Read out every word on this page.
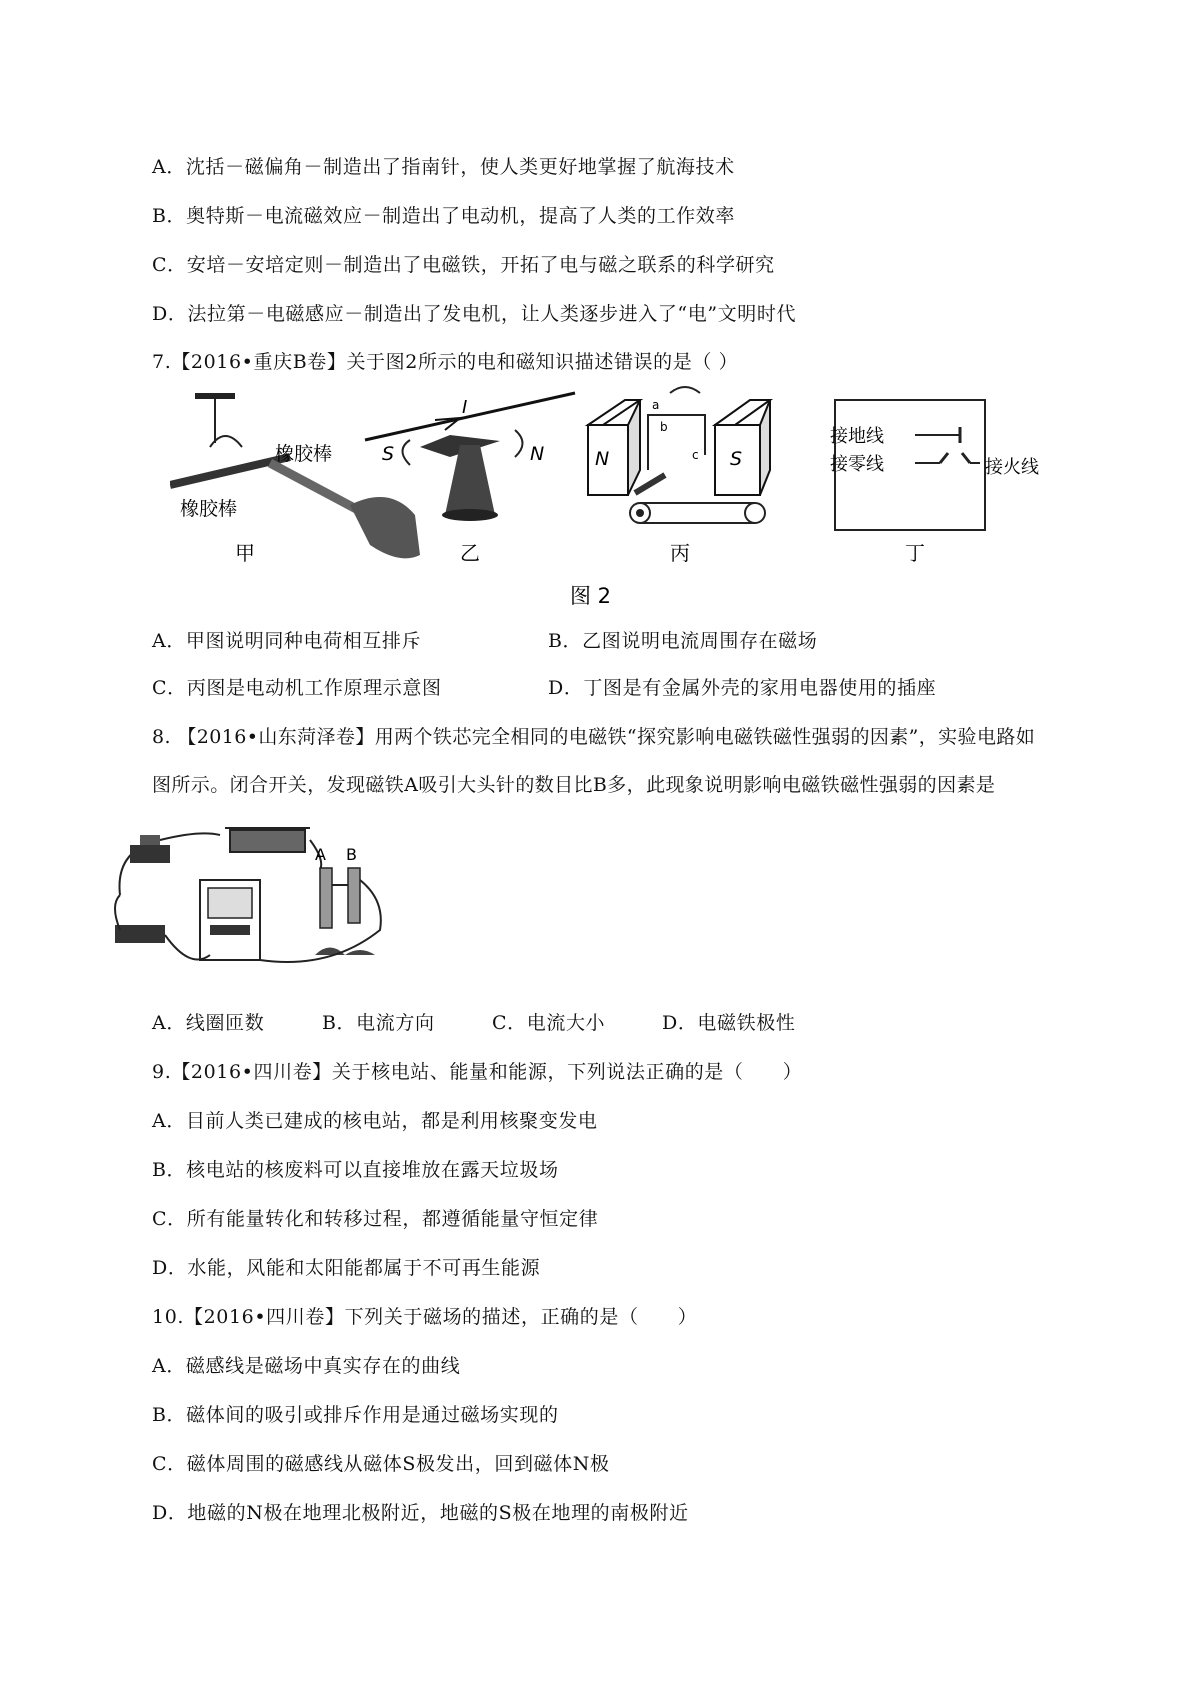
A．沈括－磁偏角－制造出了指南针，使人类更好地掌握了航海技术
B．奥特斯－电流磁效应－制造出了电动机，提高了人类的工作效率
C．安培－安培定则－制造出了电磁铁，开拓了电与磁之联系的科学研究
D．法拉第－电磁感应－制造出了发电机，让人类逐步进入了“电”文明时代
7.【2016•重庆B卷】关于图2所示的电和磁知识描述错误的是（ ）
橡胶棒
橡胶棒
甲
I
S	N
乙
N	S
a
b
c
丙
接地线
接零线	接火线
丁
图 2
A．甲图说明同种电荷相互排斥	B．乙图说明电流周围存在磁场
C．丙图是电动机工作原理示意图	D．丁图是有金属外壳的家用电器使用的插座
8. 【2016•山东菏泽卷】用两个铁芯完全相同的电磁铁“探究影响电磁铁磁性强弱的因素”，实验电路如
图所示。闭合开关，发现磁铁A吸引大头针的数目比B多，此现象说明影响电磁铁磁性强弱的因素是
A B
A．线圈匝数	B．电流方向	C．电流大小	D．电磁铁极性
9.【2016•四川卷】关于核电站、能量和能源，下列说法正确的是（　　）
A．目前人类已建成的核电站，都是利用核聚变发电
B．核电站的核废料可以直接堆放在露天垃圾场
C．所有能量转化和转移过程，都遵循能量守恒定律
D．水能，风能和太阳能都属于不可再生能源
10.【2016•四川卷】下列关于磁场的描述，正确的是（　　）
A．磁感线是磁场中真实存在的曲线
B．磁体间的吸引或排斥作用是通过磁场实现的
C．磁体周围的磁感线从磁体S极发出，回到磁体N极
D．地磁的N极在地理北极附近，地磁的S极在地理的南极附近
